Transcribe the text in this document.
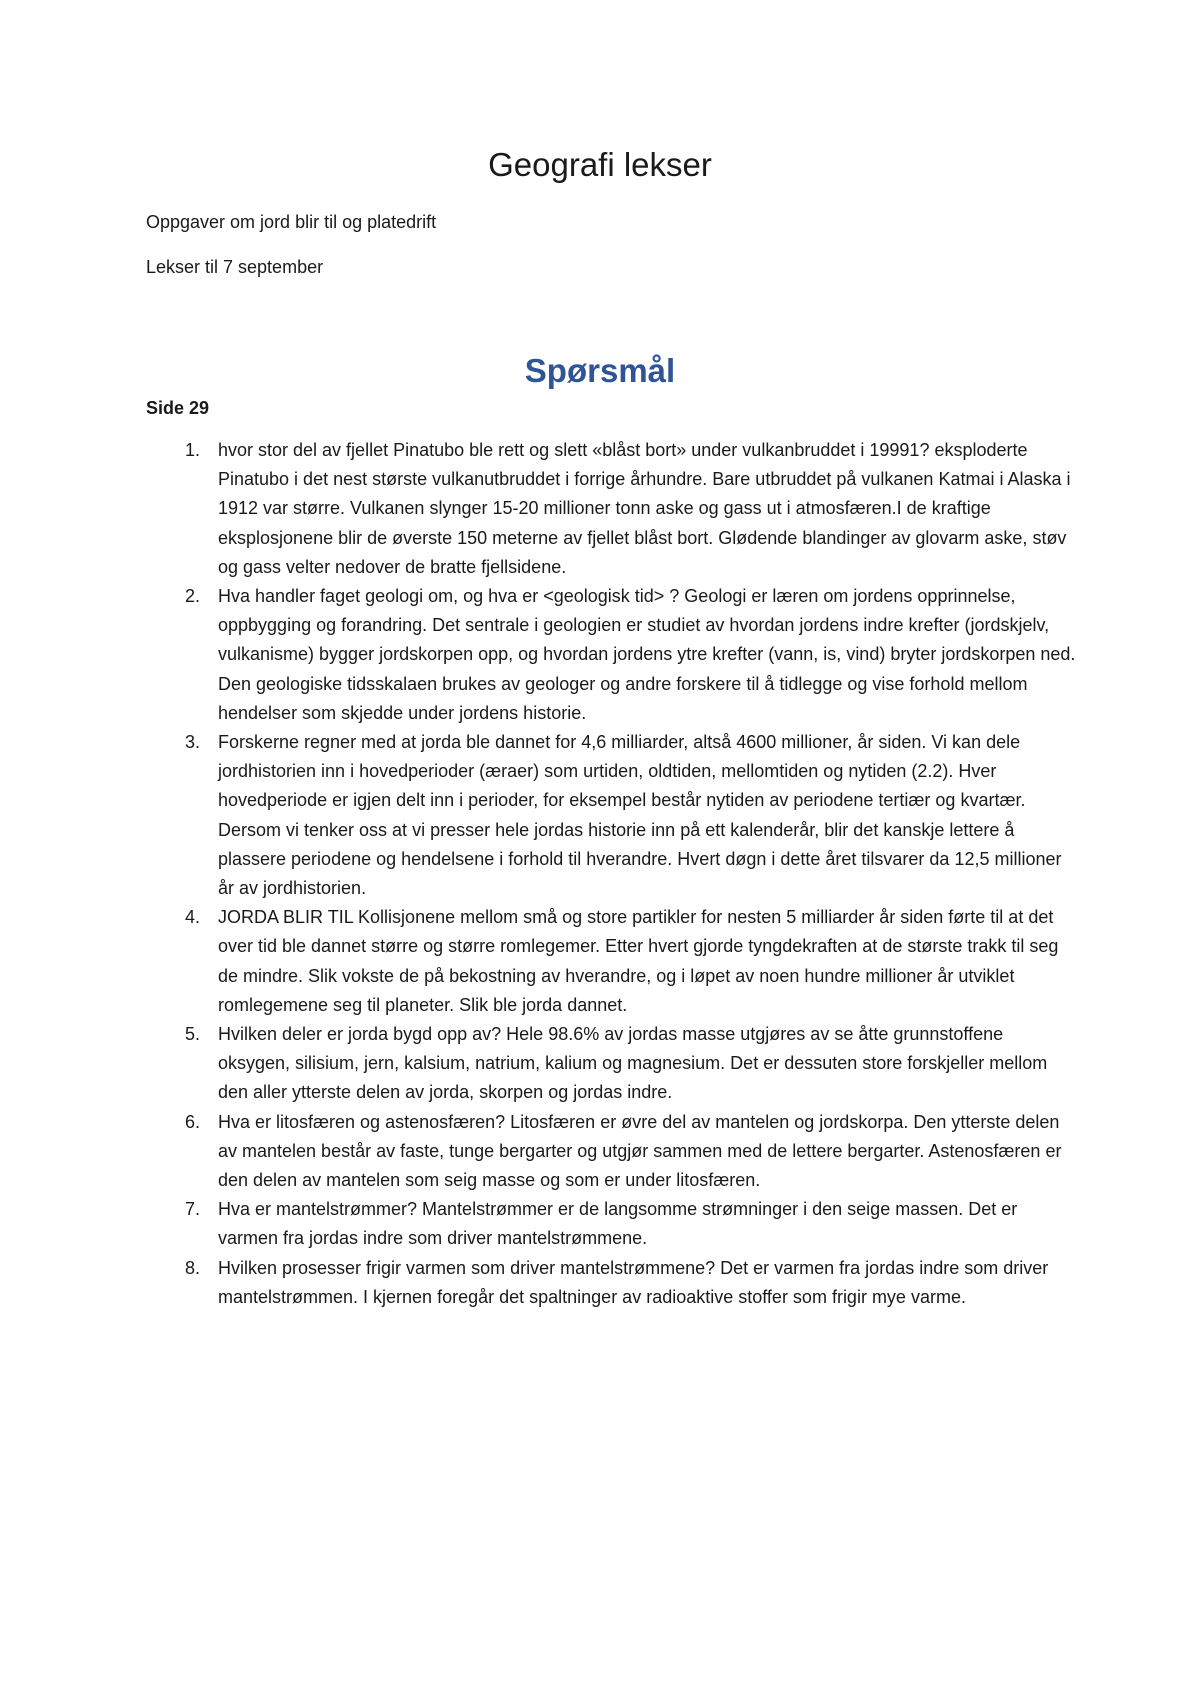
Geografi lekser

Oppgaver om jord blir til og platedrift

Lekser til 7 september

Spørsmål

Side 29

1. hvor stor del av fjellet Pinatubo ble rett og slett «blåst bort» under vulkanbruddet i 19991? eksploderte Pinatubo i det nest største vulkanutbruddet i forrige århundre. Bare utbruddet på vulkanen Katmai i Alaska i 1912 var større. Vulkanen slynger 15-20 millioner tonn aske og gass ut i atmosfæren.I de kraftige eksplosjonene blir de øverste 150 meterne av fjellet blåst bort. Glødende blandinger av glovarm aske, støv og gass velter nedover de bratte fjellsidene.
2. Hva handler faget geologi om, og hva er <geologisk tid> ? Geologi er læren om jordens opprinnelse, oppbygging og forandring. Det sentrale i geologien er studiet av hvordan jordens indre krefter (jordskjelv, vulkanisme) bygger jordskorpen opp, og hvordan jordens ytre krefter (vann, is, vind) bryter jordskorpen ned. Den geologiske tidsskalaen brukes av geologer og andre forskere til å tidlegge og vise forhold mellom hendelser som skjedde under jordens historie.
3. Forskerne regner med at jorda ble dannet for 4,6 milliarder, altså 4600 millioner, år siden. Vi kan dele jordhistorien inn i hovedperioder (æraer) som urtiden, oldtiden, mellomtiden og nytiden (2.2). Hver hovedperiode er igjen delt inn i perioder, for eksempel består nytiden av periodene tertiær og kvartær. Dersom vi tenker oss at vi presser hele jordas historie inn på ett kalenderår, blir det kanskje lettere å plassere periodene og hendelsene i forhold til hverandre. Hvert døgn i dette året tilsvarer da 12,5 millioner år av jordhistorien.
4. JORDA BLIR TIL Kollisjonene mellom små og store partikler for nesten 5 milliarder år siden førte til at det over tid ble dannet større og større romlegemer. Etter hvert gjorde tyngdekraften at de største trakk til seg de mindre. Slik vokste de på bekostning av hverandre, og i løpet av noen hundre millioner år utviklet romlegemene seg til planeter. Slik ble jorda dannet.
5. Hvilken deler er jorda bygd opp av? Hele 98.6% av jordas masse utgjøres av se åtte grunnstoffene oksygen, silisium, jern, kalsium, natrium, kalium og magnesium. Det er dessuten store forskjeller mellom den aller ytterste delen av jorda, skorpen og jordas indre.
6. Hva er litosfæren og astenosfæren? Litosfæren er øvre del av mantelen og jordskorpa. Den ytterste delen av mantelen består av faste, tunge bergarter og utgjør sammen med de lettere bergarter. Astenosfæren er den delen av mantelen som seig masse og som er under litosfæren.
7. Hva er mantelstrømmer? Mantelstrømmer er de langsomme strømninger i den seige massen. Det er varmen fra jordas indre som driver mantelstrømmene.
8. Hvilken prosesser frigir varmen som driver mantelstrømmene? Det er varmen fra jordas indre som driver mantelstrømmen. I kjernen foregår det spaltninger av radioaktive stoffer som frigir mye varme.
